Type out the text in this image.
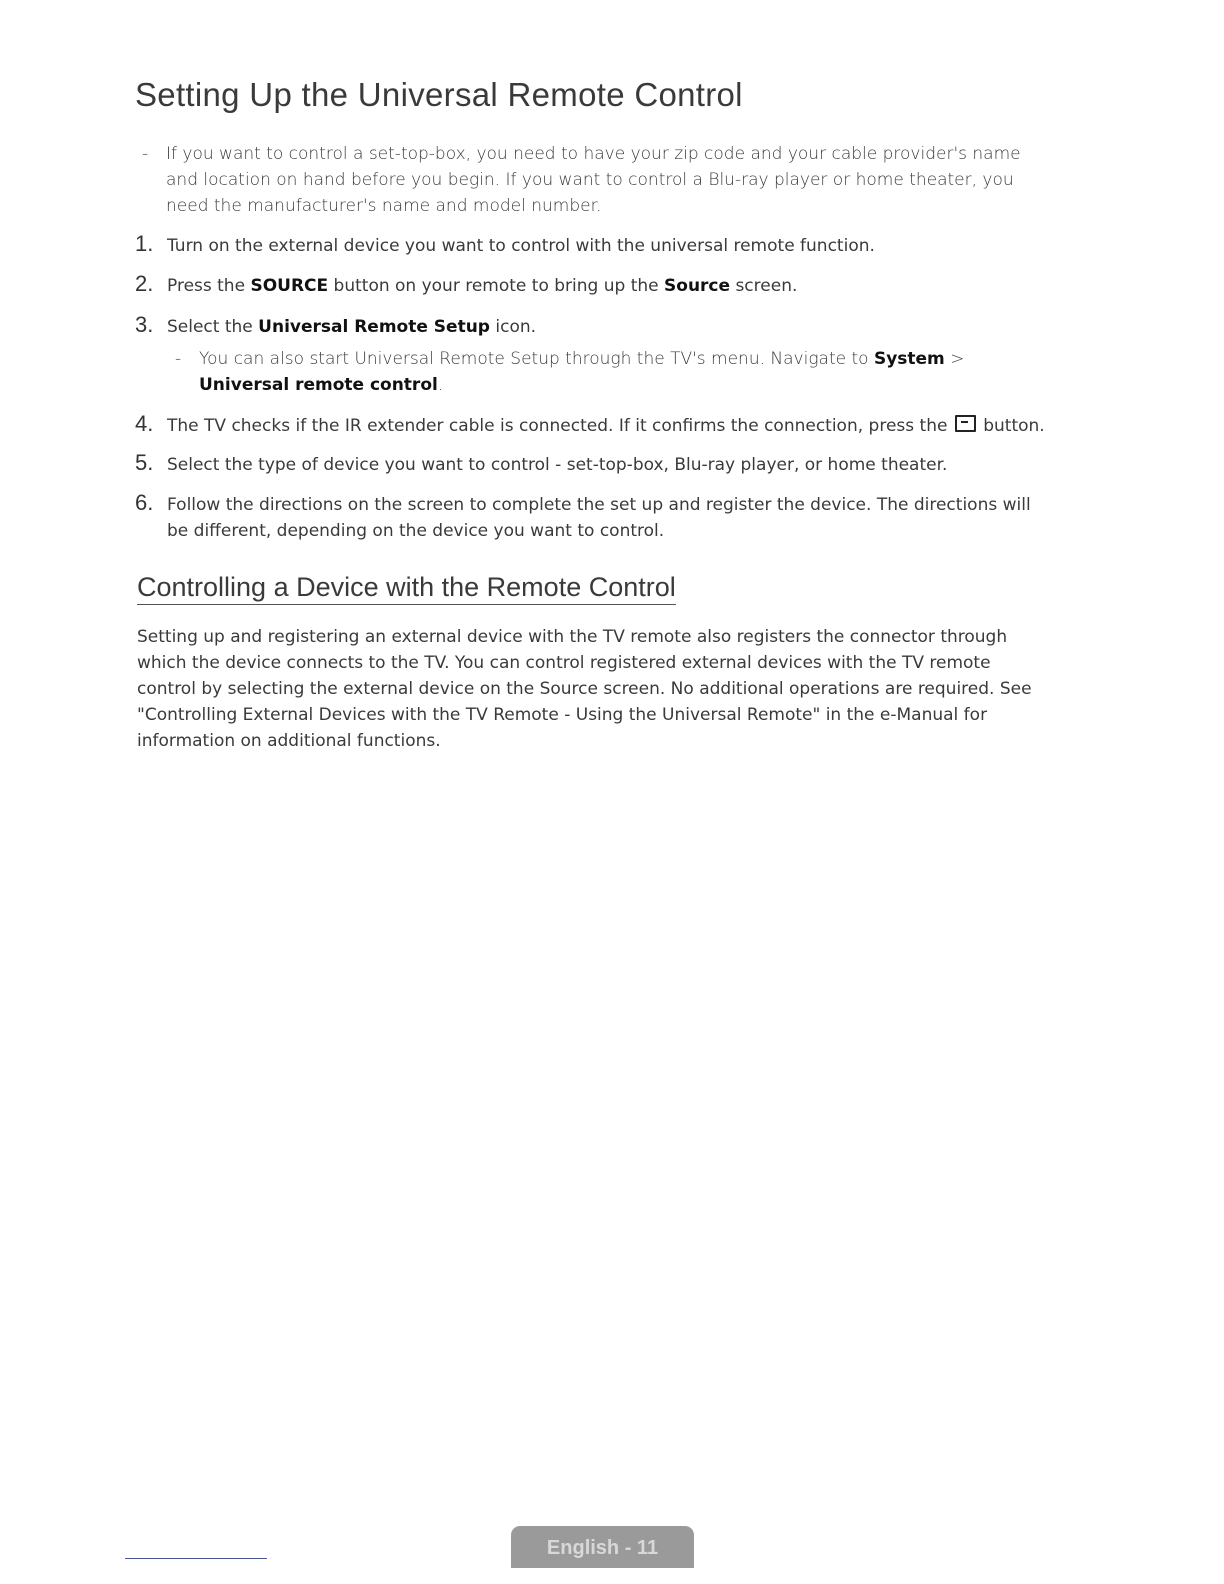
Setting Up the Universal Remote Control
- If you want to control a set-top-box, you need to have your zip code and your cable provider's name and location on hand before you begin. If you want to control a Blu-ray player or home theater, you need the manufacturer's name and model number.
1. Turn on the external device you want to control with the universal remote function.
2. Press the SOURCE button on your remote to bring up the Source screen.
3. Select the Universal Remote Setup icon.
- You can also start Universal Remote Setup through the TV's menu. Navigate to System > Universal remote control.
4. The TV checks if the IR extender cable is connected. If it confirms the connection, press the  button.
5. Select the type of device you want to control - set-top-box, Blu-ray player, or home theater.
6. Follow the directions on the screen to complete the set up and register the device. The directions will be different, depending on the device you want to control.
Controlling a Device with the Remote Control

Setting up and registering an external device with the TV remote also registers the connector through which the device connects to the TV. You can control registered external devices with the TV remote control by selecting the external device on the Source screen. No additional operations are required. See "Controlling External Devices with the TV Remote - Using the Universal Remote" in the e-Manual for information on additional functions.

English - 11
